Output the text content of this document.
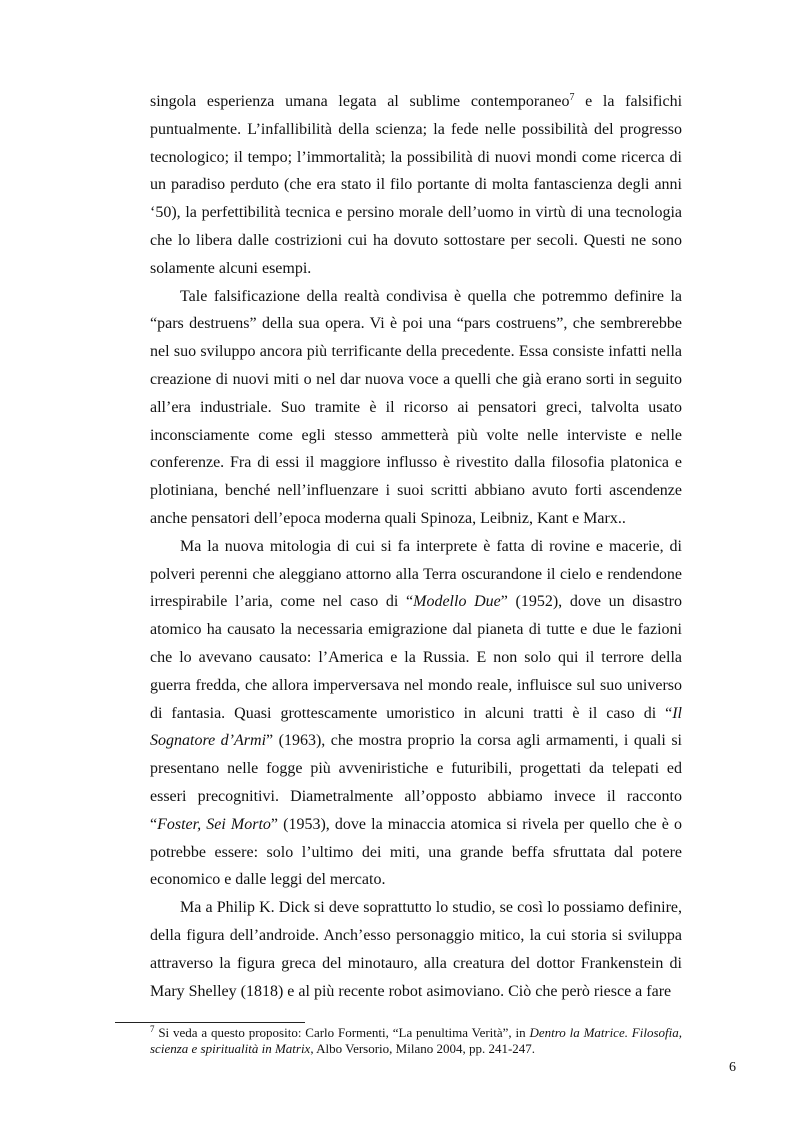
singola esperienza umana legata al sublime contemporaneo$^7$ e la falsifichi puntualmente. L’infallibilità della scienza; la fede nelle possibilità del progresso tecnologico; il tempo; l’immortalità; la possibilità di nuovi mondi come ricerca di un paradiso perduto (che era stato il filo portante di molta fantascienza degli anni ‘50), la perfettibilità tecnica e persino morale dell’uomo in virtù di una tecnologia che lo libera dalle costrizioni cui ha dovuto sottostare per secoli. Questi ne sono solamente alcuni esempi.

Tale falsificazione della realtà condivisa è quella che potremmo definire la “pars destruens” della sua opera. Vi è poi una “pars costruens”, che sembrerebbe nel suo sviluppo ancora più terrificante della precedente. Essa consiste infatti nella creazione di nuovi miti o nel dar nuova voce a quelli che già erano sorti in seguito all’era industriale. Suo tramite è il ricorso ai pensatori greci, talvolta usato inconsciamente come egli stesso ammetterà più volte nelle interviste e nelle conferenze. Fra di essi il maggiore influsso è rivestito dalla filosofia platonica e plotiniana, benché nell’influenzare i suoi scritti abbiano avuto forti ascendenze anche pensatori dell’epoca moderna quali Spinoza, Leibniz, Kant e Marx..

Ma la nuova mitologia di cui si fa interprete è fatta di rovine e macerie, di polveri perenni che aleggiano attorno alla Terra oscurandone il cielo e rendendone irrespirabile l’aria, come nel caso di “Modello Due” (1952), dove un disastro atomico ha causato la necessaria emigrazione dal pianeta di tutte e due le fazioni che lo avevano causato: l’America e la Russia. E non solo qui il terrore della guerra fredda, che allora imperversava nel mondo reale, influisce sul suo universo di fantasia. Quasi grottescamente umoristico in alcuni tratti è il caso di “Il Sognatore d’Armi” (1963), che mostra proprio la corsa agli armamenti, i quali si presentano nelle fogge più avveniristiche e futuribili, progettati da telepati ed esseri precognitivi. Diametralmente all’opposto abbiamo invece il racconto “Foster, Sei Morto” (1953), dove la minaccia atomica si rivela per quello che è o potrebbe essere: solo l’ultimo dei miti, una grande beffa sfruttata dal potere economico e dalle leggi del mercato.

Ma a Philip K. Dick si deve soprattutto lo studio, se così lo possiamo definire, della figura dell’androide. Anch’esso personaggio mitico, la cui storia si sviluppa attraverso la figura greca del minotauro, alla creatura del dottor Frankenstein di Mary Shelley (1818) e al più recente robot asimoviano. Ciò che però riesce a fare

$^7$ Si veda a questo proposito: Carlo Formenti, “La penultima Verità”, in Dentro la Matrice. Filosofia, scienza e spiritualità in Matrix, Albo Versorio, Milano 2004, pp. 241-247.
6
